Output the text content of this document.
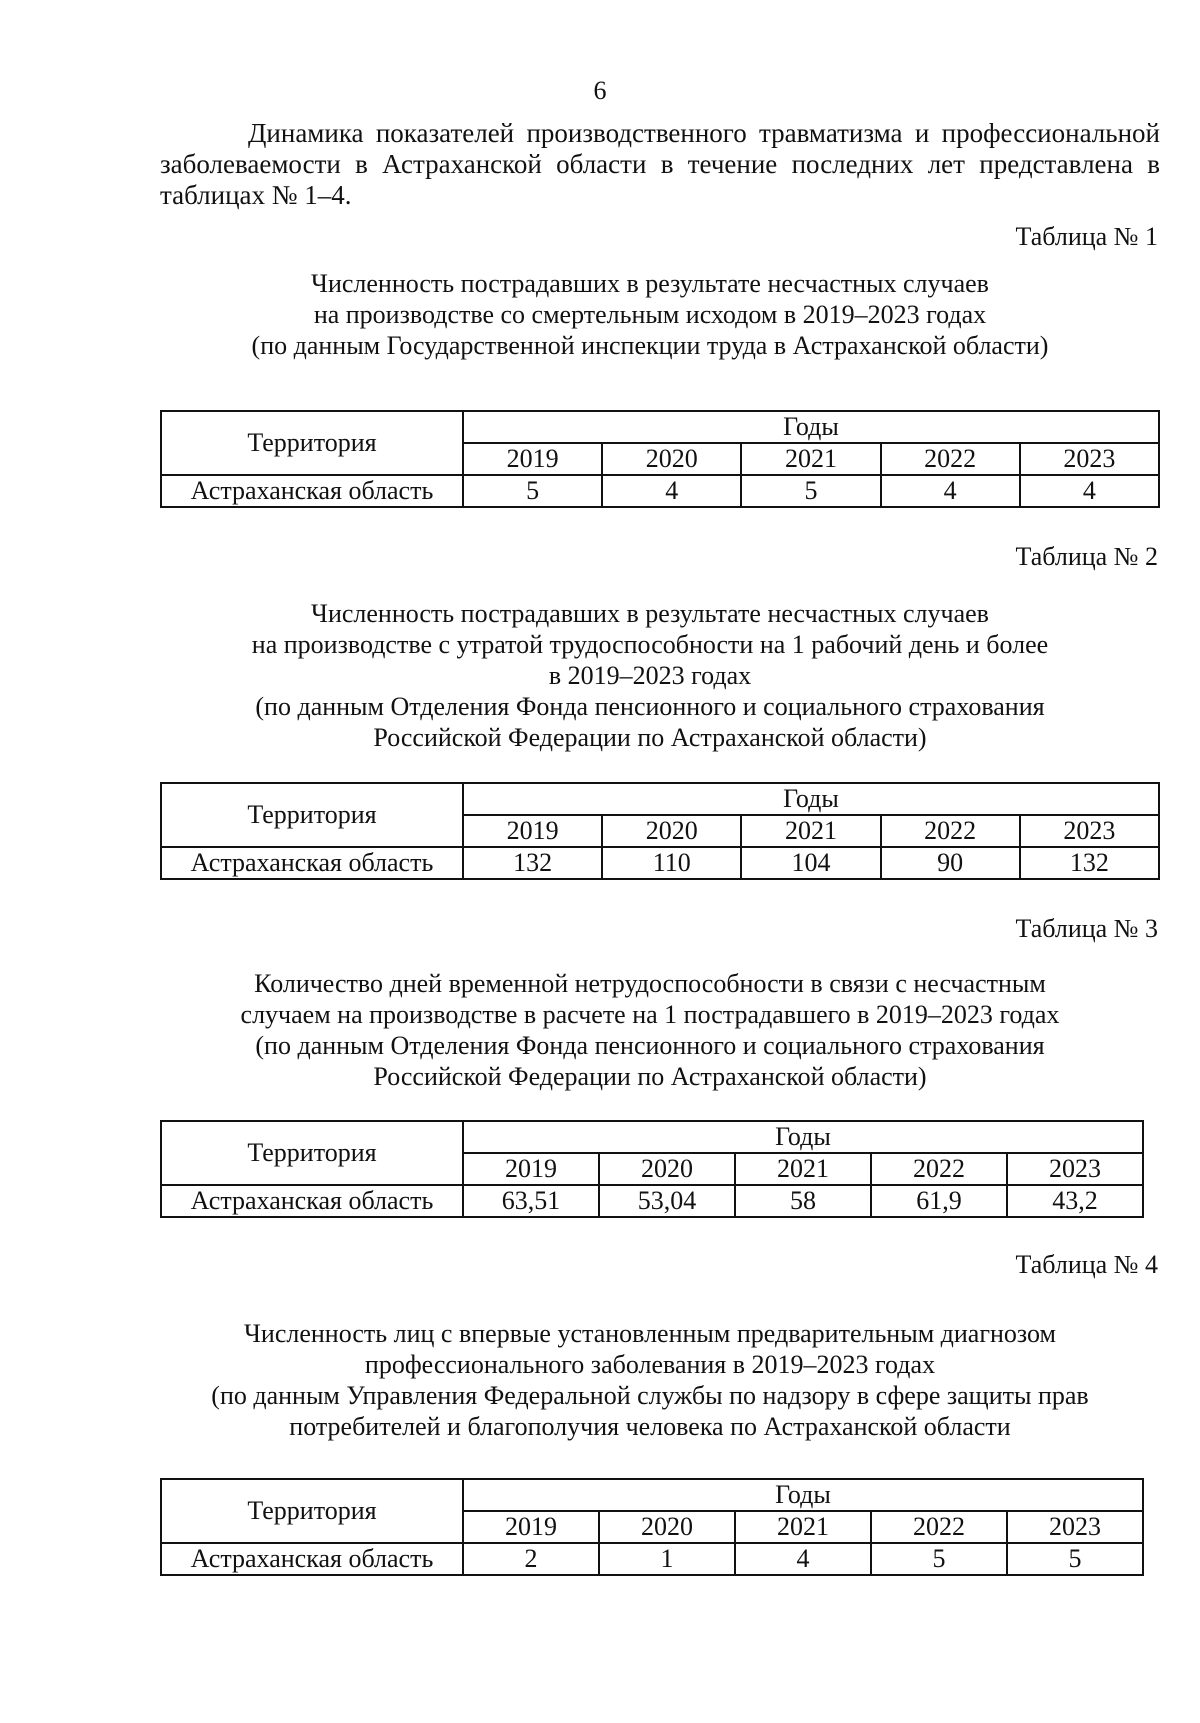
6
Динамика показателей производственного травматизма и профессиональной заболеваемости в Астраханской области в течение последних лет представлена в таблицах № 1–4.
Таблица № 1
Численность пострадавших в результате несчастных случаев
на производстве со смертельным исходом в 2019–2023 годах
(по данным Государственной инспекции труда в Астраханской области)
Территория	Годы				
	2019	2020	2021	2022	2023
Астраханская область	5	4	5	4	4
Таблица № 2
Численность пострадавших в результате несчастных случаев
на производстве с утратой трудоспособности на 1 рабочий день и более
в 2019–2023 годах
(по данным Отделения Фонда пенсионного и социального страхования
Российской Федерации по Астраханской области)
Территория	Годы				
	2019	2020	2021	2022	2023
Астраханская область	132	110	104	90	132
Таблица № 3
Количество дней временной нетрудоспособности в связи с несчастным
случаем на производстве в расчете на 1 пострадавшего в 2019–2023 годах
(по данным Отделения Фонда пенсионного и социального страхования
Российской Федерации по Астраханской области)
Территория	Годы				
	2019	2020	2021	2022	2023
Астраханская область	63,51	53,04	58	61,9	43,2
Таблица № 4
Численность лиц с впервые установленным предварительным диагнозом
профессионального заболевания в 2019–2023 годах
(по данным Управления Федеральной службы по надзору в сфере защиты прав
потребителей и благополучия человека по Астраханской области
Территория	Годы				
	2019	2020	2021	2022	2023
Астраханская область	2	1	4	5	5
